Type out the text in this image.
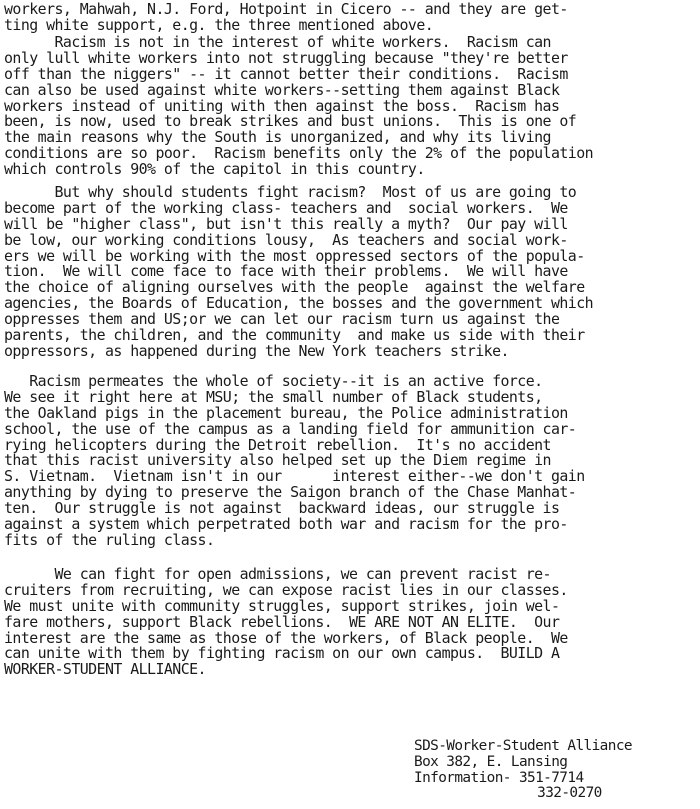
workers, Mahwah, N.J. Ford, Hotpoint in Cicero -- and they are get-
ting white support, e.g. the three mentioned above.
Racism is not in the interest of white workers.  Racism can
only lull white workers into not struggling because "they're better
off than the niggers" -- it cannot better their conditions.  Racism
can also be used against white workers--setting them against Black
workers instead of uniting with then against the boss.  Racism has
been, is now, used to break strikes and bust unions.  This is one of
the main reasons why the South is unorganized, and why its living
conditions are so poor.  Racism benefits only the 2% of the population
which controls 90% of the capitol in this country.
But why should students fight racism?  Most of us are going to
become part of the working class- teachers and  social workers.  We
will be "higher class", but isn't this really a myth?  Our pay will
be low, our working conditions lousy,  As teachers and social work-
ers we will be working with the most oppressed sectors of the popula-
tion.  We will come face to face with their problems.  We will have
the choice of aligning ourselves with the people  against the welfare
agencies, the Boards of Education, the bosses and the government which
oppresses them and US;or we can let our racism turn us against the
parents, the children, and the community  and make us side with their
oppressors, as happened during the New York teachers strike.
Racism permeates the whole of society--it is an active force.
We see it right here at MSU; the small number of Black students,
the Oakland pigs in the placement bureau, the Police administration
school, the use of the campus as a landing field for ammunition car-
rying helicopters during the Detroit rebellion.  It's no accident
that this racist university also helped set up the Diem regime in
S. Vietnam.  Vietnam isn't in our      interest either--we don't gain
anything by dying to preserve the Saigon branch of the Chase Manhat-
ten.  Our struggle is not against  backward ideas, our struggle is
against a system which perpetrated both war and racism for the pro-
fits of the ruling class.
We can fight for open admissions, we can prevent racist re-
cruiters from recruiting, we can expose racist lies in our classes.
We must unite with community struggles, support strikes, join wel-
fare mothers, support Black rebellions.  WE ARE NOT AN ELITE.  Our
interest are the same as those of the workers, of Black people.  We
can unite with them by fighting racism on our own campus.  BUILD A
WORKER-STUDENT ALLIANCE.
SDS-Worker-Student Alliance
Box 382, E. Lansing
Information- 351-7714
332-0270
